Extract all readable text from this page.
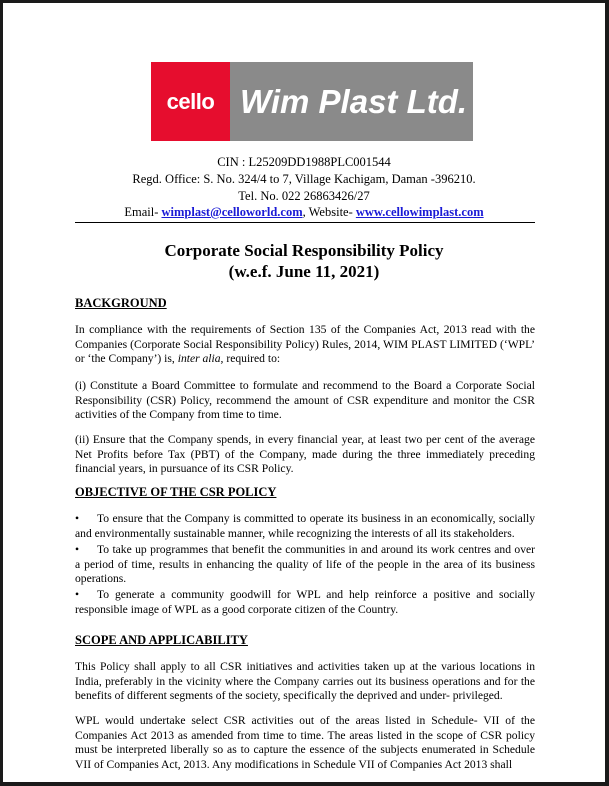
cello Wim Plast Ltd.
CIN : L25209DD1988PLC001544
Regd. Office: S. No. 324/4 to 7, Village Kachigam, Daman -396210.
Tel. No. 022 26863426/27
Email- wimplast@celloworld.com, Website- www.cellowimplast.com
Corporate Social Responsibility Policy
(w.e.f. June 11, 2021)
BACKGROUND
In compliance with the requirements of Section 135 of the Companies Act, 2013 read with the Companies (Corporate Social Responsibility Policy) Rules, 2014, WIM PLAST LIMITED (‘WPL’ or ‘the Company’) is, inter alia, required to:
(i) Constitute a Board Committee to formulate and recommend to the Board a Corporate Social Responsibility (CSR) Policy, recommend the amount of CSR expenditure and monitor the CSR activities of the Company from time to time.
(ii) Ensure that the Company spends, in every financial year, at least two per cent of the average Net Profits before Tax (PBT) of the Company, made during the three immediately preceding financial years, in pursuance of its CSR Policy.
OBJECTIVE OF THE CSR POLICY
• To ensure that the Company is committed to operate its business in an economically, socially and environmentally sustainable manner, while recognizing the interests of all its stakeholders.
• To take up programmes that benefit the communities in and around its work centres and over a period of time, results in enhancing the quality of life of the people in the area of its business operations.
• To generate a community goodwill for WPL and help reinforce a positive and socially responsible image of WPL as a good corporate citizen of the Country.
SCOPE AND APPLICABILITY
This Policy shall apply to all CSR initiatives and activities taken up at the various locations in India, preferably in the vicinity where the Company carries out its business operations and for the benefits of different segments of the society, specifically the deprived and under- privileged.
WPL would undertake select CSR activities out of the areas listed in Schedule- VII of the Companies Act 2013 as amended from time to time. The areas listed in the scope of CSR policy must be interpreted liberally so as to capture the essence of the subjects enumerated in Schedule VII of Companies Act, 2013. Any modifications in Schedule VII of Companies Act 2013 shall
